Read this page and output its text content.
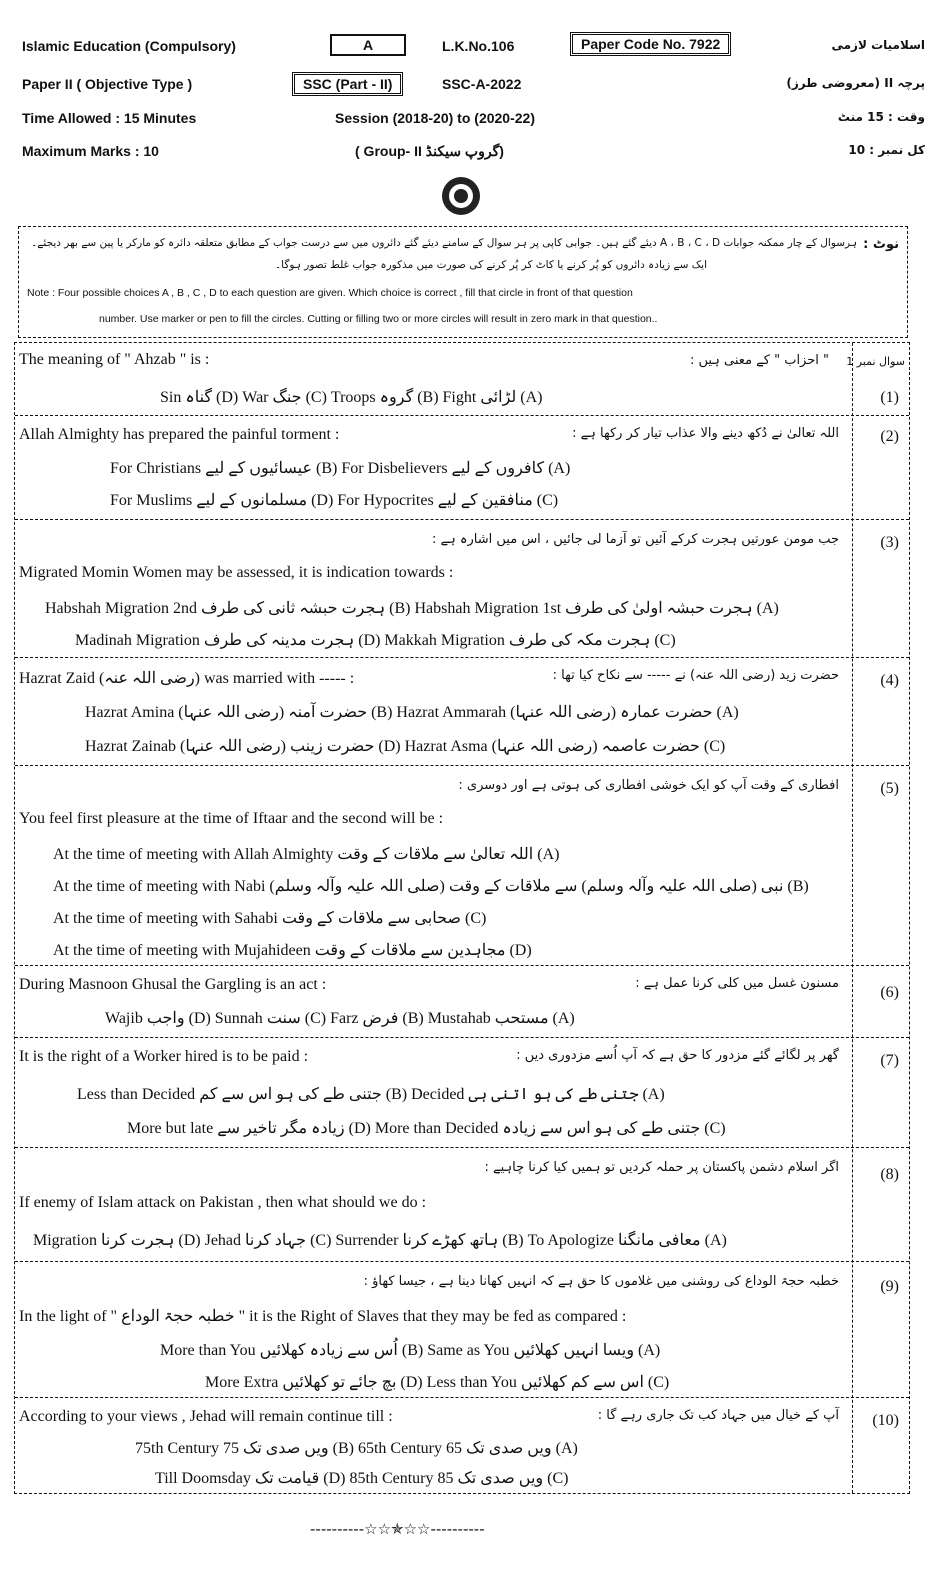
Islamic Education (Compulsory)
Paper II ( Objective Type )
Time Allowed : 15 Minutes
Maximum Marks : 10
A
SSC (Part - II)
L.K.No.106
SSC-A-2022
Session (2018-20) to (2020-22)
( Group- II گروپ سیکنڈ)
Paper Code No. 7922	اسلامیات لازمی
پرچہ II (معروضی طرز)
وقت : 15 منٹ
کل نمبر : 10
نوٹ :
ہرسوال کے چار ممکنہ جوابات A ، B ، C ، D دیئے گئے ہیں۔ جوابی کاپی پر ہر سوال کے سامنے دیئے گئے دائروں میں سے درست جواب کے مطابق متعلقہ دائرہ کو مارکر یا پین سے بھر دیجئے۔
ایک سے زیادہ دائروں کو پُر کرنے یا کاٹ کر پُر کرنے کی صورت میں مذکورہ جواب غلط تصور ہوگا۔
Note : Four possible choices A , B , C , D to each question are given. Which choice is correct , fill that circle in front of that question
number. Use marker or pen to fill the circles. Cutting or filling two or more circles will result in zero mark in that question..
سوال نمبر 1
The meaning of " Ahzab " is :	" احزاب " کے معنی ہیں :
Sin گناہ (D) War جنگ (C) Troops گروہ (B) Fight لڑائی (A)	(1)
Allah Almighty has prepared the painful torment :	اللہ تعالیٰ نے دُکھ دینے والا عذاب تیار کر رکھا ہے :	(2)
For Christians عیسائیوں کے لیے (B) For Disbelievers کافروں کے لیے (A)
For Muslims مسلمانوں کے لیے (D) For Hypocrites منافقین کے لیے (C)
جب مومن عورتیں ہجرت کرکے آئیں تو آزما لی جائیں ، اس میں اشارہ ہے :	(3)
Migrated Momin Women may be assessed, it is indication towards :
Habshah Migration 2nd ہجرت حبشہ ثانی کی طرف (B) Habshah Migration 1st ہجرت حبشہ اولیٰ کی طرف (A)
Madinah Migration ہجرت مدینہ کی طرف (D) Makkah Migration ہجرت مکہ کی طرف (C)
Hazrat Zaid (رضی اللہ عنہ) was married with ----- :	حضرت زید (رضی اللہ عنہ) نے ----- سے نکاح کیا تھا :	(4)
Hazrat Amina (رضی اللہ عنہا) حضرت آمنہ (B) Hazrat Ammarah (رضی اللہ عنہا) حضرت عمارہ (A)
Hazrat Zainab (رضی اللہ عنہا) حضرت زینب (D) Hazrat Asma (رضی اللہ عنہا) حضرت عاصمہ (C)
افطاری کے وقت آپ کو ایک خوشی افطاری کی ہوتی ہے اور دوسری :	(5)
You feel first pleasure at the time of Iftaar and the second will be :
At the time of meeting with Allah Almighty اللہ تعالیٰ سے ملاقات کے وقت (A)
At the time of meeting with Nabi (صلی اللہ علیہ وآلہ وسلم) نبی (صلی اللہ علیہ وآلہ وسلم) سے ملاقات کے وقت (B)
At the time of meeting with Sahabi صحابی سے ملاقات کے وقت (C)
At the time of meeting with Mujahideen مجاہدین سے ملاقات کے وقت (D)
During Masnoon Ghusal the Gargling is an act :	مسنون غسل میں کلی کرنا عمل ہے :
(6)
Wajib واجب (D) Sunnah سنت (C) Farz فرض (B) Mustahab مستحب (A)
It is the right of a Worker hired is to be paid :	گھر پر لگائے گئے مزدور کا حق ہے کہ آپ اُسے مزدوری دیں :	(7)
Less than Decided جتنی طے کی ہو اس سے کم (B) Decided جتنی طے کی ہو اتنی ہی (A)
More but late زیادہ مگر تاخیر سے (D) More than Decided جتنی طے کی ہو اس سے زیادہ (C)
اگر اسلام دشمن پاکستان پر حملہ کردیں تو ہمیں کیا کرنا چاہیے :	(8)
If enemy of Islam attack on Pakistan , then what should we do :
Migration ہجرت کرنا (D) Jehad جہاد کرنا (C) Surrender ہاتھ کھڑے کرنا (B) To Apologize معافی مانگنا (A)
خطبہ حجۃ الوداع کی روشنی میں غلاموں کا حق ہے کہ انہیں کھانا دینا ہے ، جیسا کھاؤ :	(9)
In the light of " خطبہ حجۃ الوداع " it is the Right of Slaves that they may be fed as compared :
More than You اُس سے زیادہ کھلائیں (B) Same as You ویسا انہیں کھلائیں (A)
More Extra بچ جائے تو کھلائیں (D) Less than You اس سے کم کھلائیں (C)
According to your views , Jehad will remain continue till :	آپ کے خیال میں جہاد کب تک جاری رہے گا : (10)
75th Century 75 ویں صدی تک (B) 65th Century 65 ویں صدی تک (A)
Till Doomsday قیامت تک (D) 85th Century 85 ویں صدی تک (C)
----------☆☆✯☆☆----------
